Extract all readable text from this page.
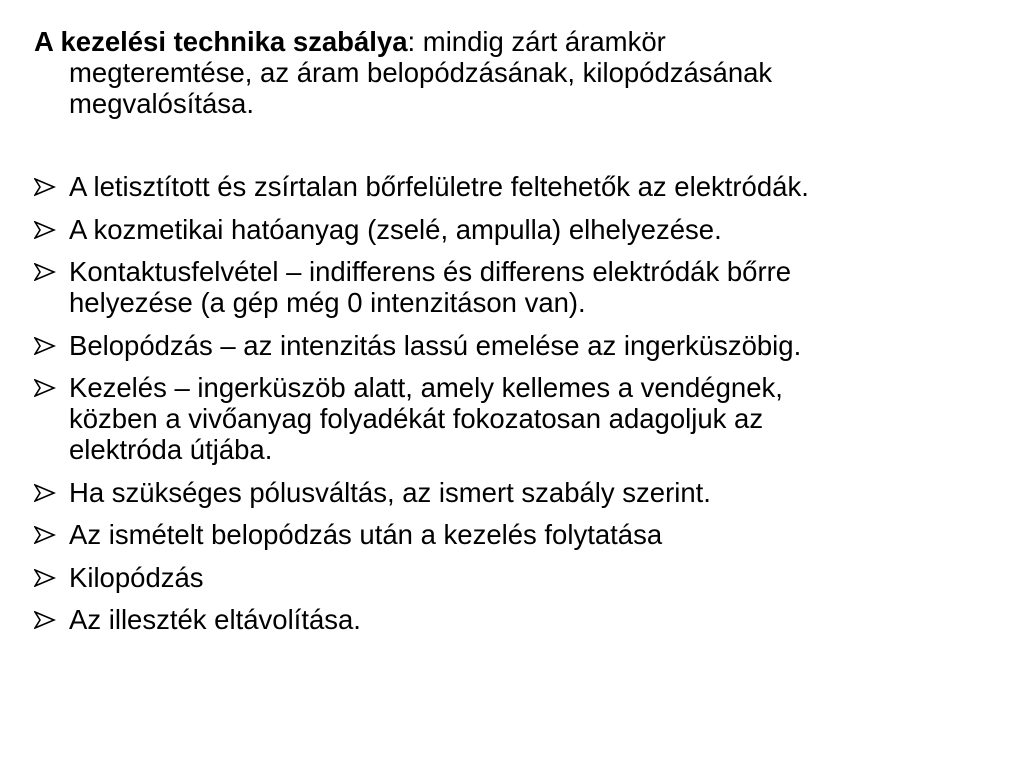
A kezelési technika szabálya: mindig zárt áramkör
megteremtése, az áram belopódzásának, kilopódzásának
megvalósítása.
A letisztított és zsírtalan bőrfelületre feltehetők az elektródák.
A kozmetikai hatóanyag (zselé, ampulla) elhelyezése.
Kontaktusfelvétel – indifferens és differens elektródák bőrre
helyezése (a gép még 0 intenzitáson van).
Belopódzás – az intenzitás lassú emelése az ingerküszöbig.
Kezelés – ingerküszöb alatt, amely kellemes a vendégnek,
közben a vivőanyag folyadékát fokozatosan adagoljuk az
elektróda útjába.
Ha szükséges pólusváltás, az ismert szabály szerint.
Az ismételt belopódzás után a kezelés folytatása
Kilopódzás
Az illeszték eltávolítása.
